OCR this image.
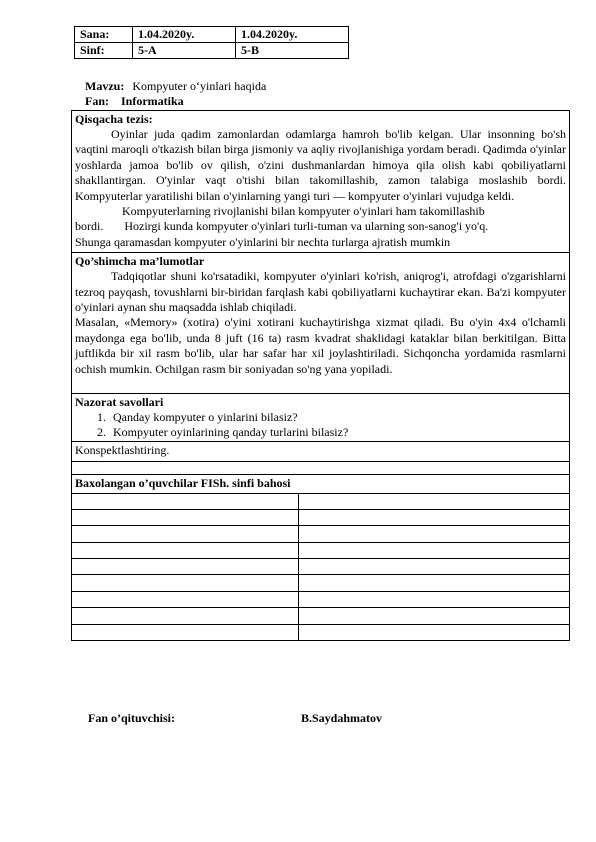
Sana:	1.04.2020y.	1.04.2020y.
Sinf:	5-A	5-B
Mavzu: Kompyuter o‘yinlari haqida
Fan: Informatika
Qisqacha tezis:

Oyinlar juda qadim zamonlardan odamlarga hamroh bo'lib kelgan. Ular insonning bo'sh vaqtini maroqli o'tkazish bilan birga jismoniy va aqliy rivojlanishiga yordam beradi. Qadimda o'yinlar yoshlarda jamoa bo'lib ov qilish, o'zini dushmanlardan himoya qila olish kabi qobiliyatlarni shakllantirgan. O'yinlar vaqt o'tishi bilan takomillashib, zamon talabiga moslashib bordi. Kompyuterlar yaratilishi bilan o'yinlarning yangi turi — kompyuter o'yinlari vujudga keldi.

Kompyuterlarning rivojlanishi bilan kompyuter o'yinlari ham takomillashib

bordi.       Hozirgi kunda kompyuter o'yinlari turli-tuman va ularning son-sanog'i yo'q.

Shunga qaramasdan kompyuter o'yinlarini bir nechta turlarga ajratish mumkin

Qo’shimcha ma’lumotlar

Tadqiqotlar shuni ko'rsatadiki, kompyuter o'yinlari ko'rish, aniqrog'i, atrofdagi o'zgarishlarni tezroq payqash, tovushlarni bir-biridan farqlash kabi qobiliyatlarni kuchaytirar ekan. Ba'zi kompyuter o'yinlari aynan shu maqsadda ishlab chiqiladi.

Masalan, «Memory» (xotira) o'yini xotirani kuchaytirishga xizmat qiladi. Bu o'yin 4x4 o'lchamli maydonga ega bo'lib, unda 8 juft (16 ta) rasm kvadrat shaklidagi kataklar bilan berkitilgan. Bitta juftlikda bir xil rasm bo'lib, ular har safar har xil joylashtiriladi. Sichqoncha yordamida rasmlarni ochish mumkin. Ochilgan rasm bir soniyadan so'ng yana yopiladi.

Nazorat savollari
1. Qanday kompyuter o yinlarini bilasiz?
2. Kompyuter oyinlarining qanday turlarini bilasiz?

Konspektlashtiring.

Baxolangan o’quvchilar FISh. sinfi bahosi

Fan o’qituvchisi:	B.Saydahmatov
